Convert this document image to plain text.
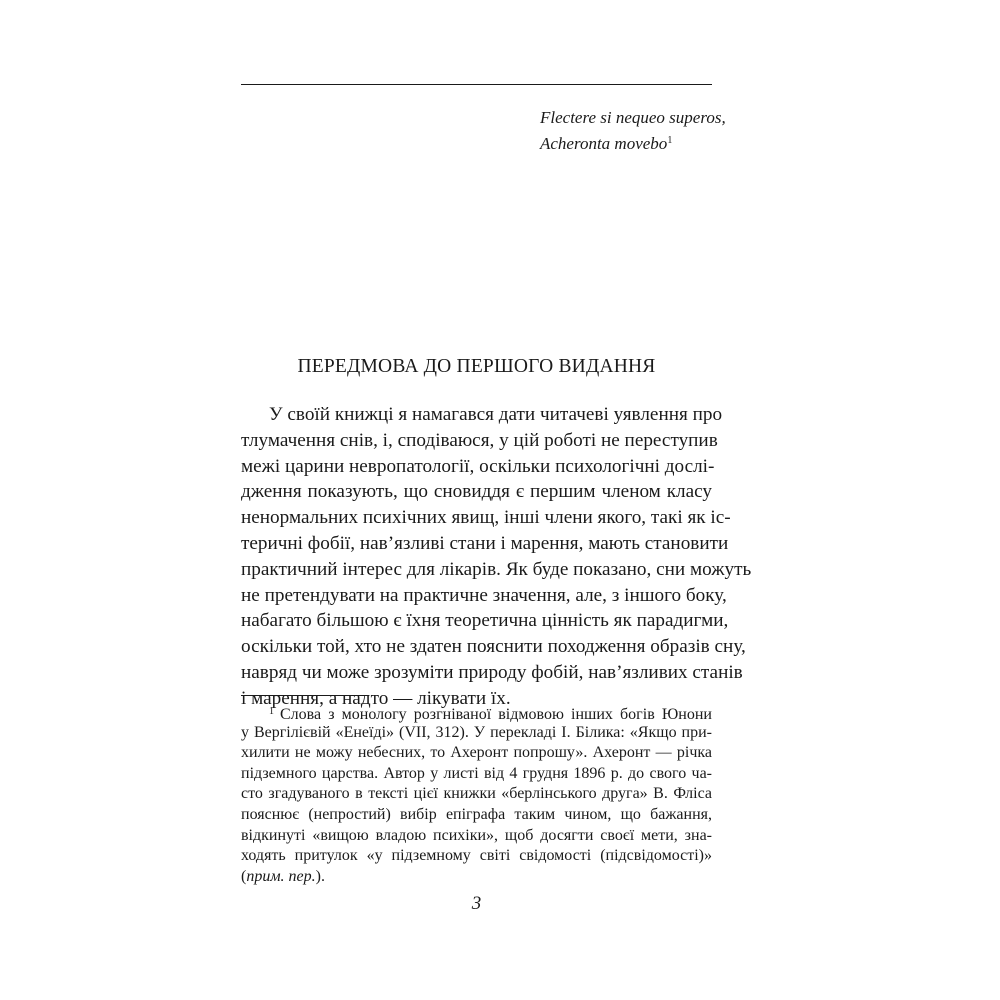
Flectere si nequeo superos,
Acheronta movebo$^1$
ПЕРЕДМОВА ДО ПЕРШОГО ВИДАННЯ
У своїй книжці я намагався дати читачеві уявлення про
тлумачення снів, і, сподіваюся, у цій роботі не переступив
межі царини невропатології, оскільки психологічні дослі-
дження показують, що сновиддя є першим членом класу
ненормальних психічних явищ, інші члени якого, такі як іс-
теричні фобії, нав’язливі стани і марення, мають становити
практичний інтерес для лікарів. Як буде показано, сни можуть
не претендувати на практичне значення, але, з іншого боку,
набагато більшою є їхня теоретична цінність як парадигми,
оскільки той, хто не здатен пояснити походження образів сну,
навряд чи може зрозуміти природу фобій, нав’язливих станів
і марення, а надто — лікувати їх.
$^1$ Слова з монологу розгніваної відмовою інших богів Юнони
у Вергілієвій «Енеїді» (VII, 312). У перекладі І. Білика: «Якщо при-
хилити не можу небесних, то Ахеронт попрошу». Ахеронт — річка
підземного царства. Автор у листі від 4 грудня 1896 р. до свого ча-
сто згадуваного в тексті цієї книжки «берлінського друга» В. Фліса
пояснює (непростий) вибір епіграфа таким чином, що бажання,
відкинуті «вищою владою психіки», щоб досягти своєї мети, зна-
ходять притулок «у підземному світі свідомості (підсвідомості)»
(прим. пер.).
3
